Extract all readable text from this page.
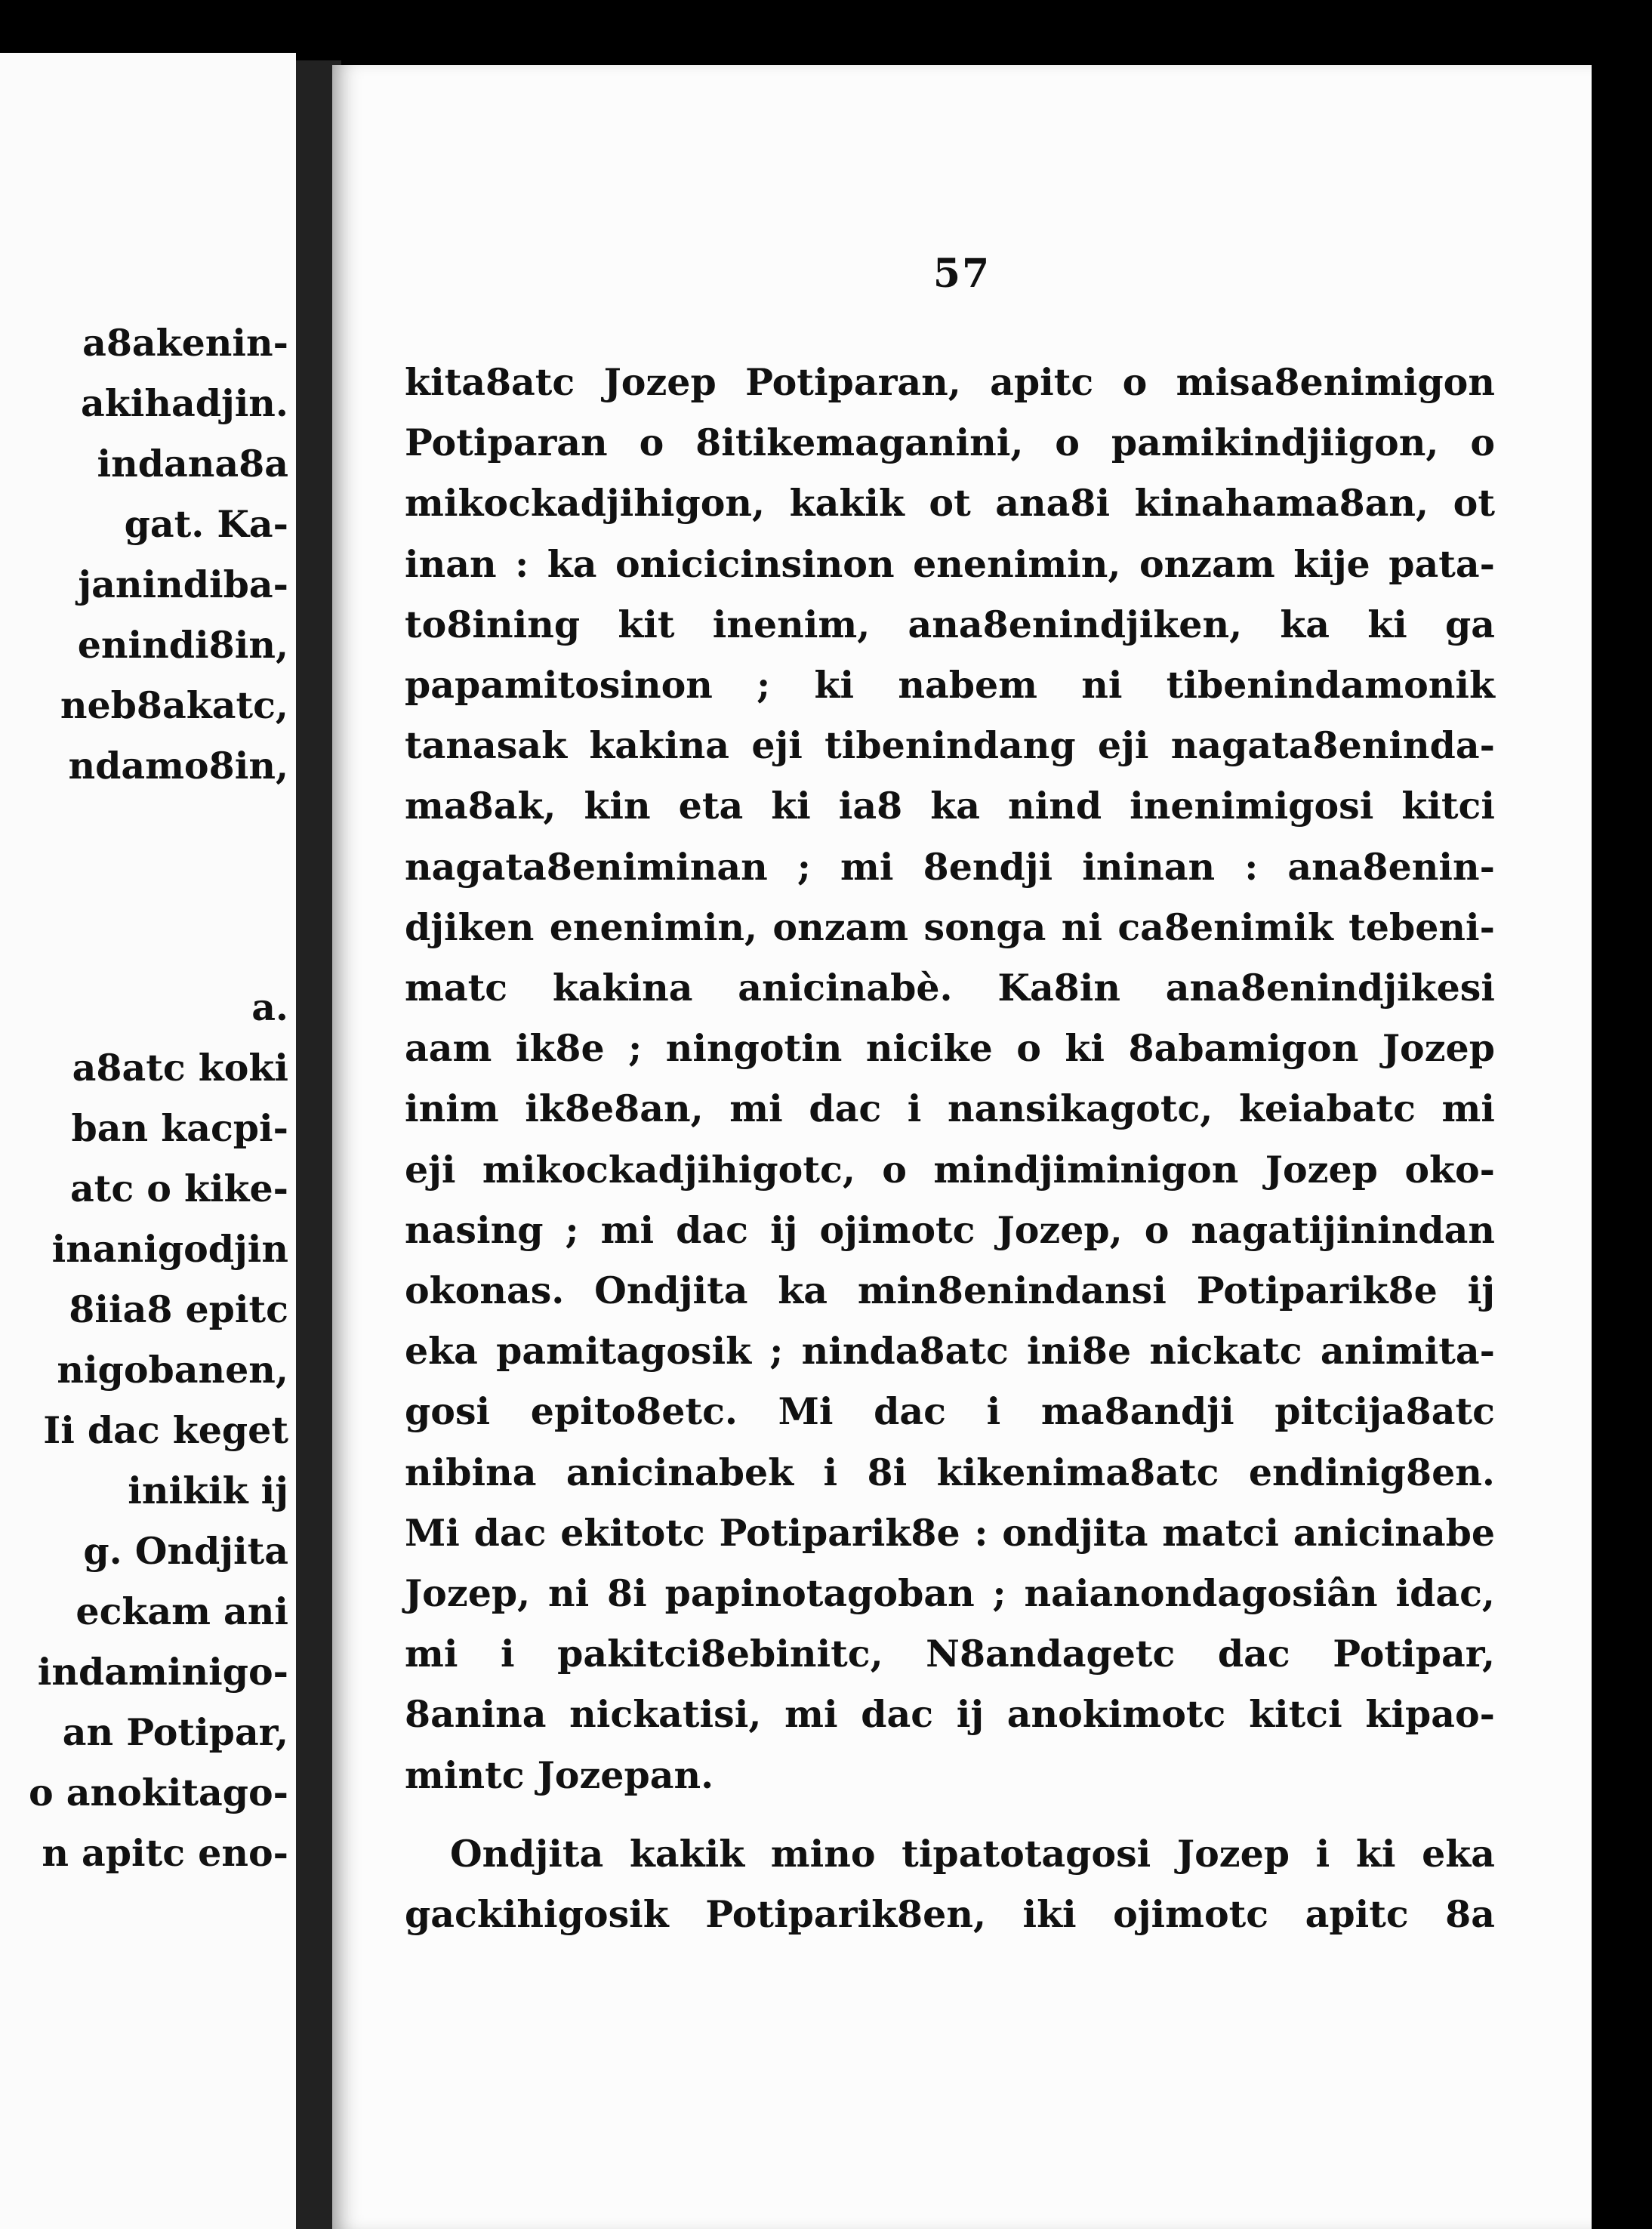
a8akenin-
akihadjin.
indana8a
gat. Ka-
janindiba-
enindi8in,
neb8akatc,
ndamo8in,
a.
a8atc koki
ban kacpi-
atc o kike-
inanigodjin
8iia8 epitc
nigobanen,
Ii dac keget
inikik ij
g. Ondjita
eckam ani
indaminigo-
an Potipar,
o anokitago-
n apitc eno-
57
kita8atc Jozep Potiparan, apitc o misa8enimigon
Potiparan o 8itikemaganini, o pamikindjiigon, o
mikockadjihigon, kakik ot ana8i kinahama8an, ot
inan : ka onicicinsinon enenimin, onzam kije pata-
to8ining kit inenim, ana8enindjiken, ka ki ga
papamitosinon ; ki nabem ni tibenindamonik
tanasak kakina eji tibenindang eji nagata8eninda-
ma8ak, kin eta ki ia8 ka nind inenimigosi kitci
nagata8eniminan ; mi 8endji ininan : ana8enin-
djiken enenimin, onzam songa ni ca8enimik tebeni-
matc kakina anicinabè. Ka8in ana8enindjikesi
aam ik8e ; ningotin nicike o ki 8abamigon Jozep
inim ik8e8an, mi dac i nansikagotc, keiabatc mi
eji mikockadjihigotc, o mindjiminigon Jozep oko-
nasing ; mi dac ij ojimotc Jozep, o nagatijinindan
okonas. Ondjita ka min8enindansi Potiparik8e ij
eka pamitagosik ; ninda8atc ini8e nickatc animita-
gosi epito8etc. Mi dac i ma8andji pitcija8atc
nibina anicinabek i 8i kikenima8atc endinig8en.
Mi dac ekitotc Potiparik8e : ondjita matci anicinabe
Jozep, ni 8i papinotagoban ; naianondagosiân idac,
mi i pakitci8ebinitc, N8andagetc dac Potipar,
8anina nickatisi, mi dac ij anokimotc kitci kipao-
mintc Jozepan.
Ondjita kakik mino tipatotagosi Jozep i ki eka
gackihigosik Potiparik8en, iki ojimotc apitc 8a
